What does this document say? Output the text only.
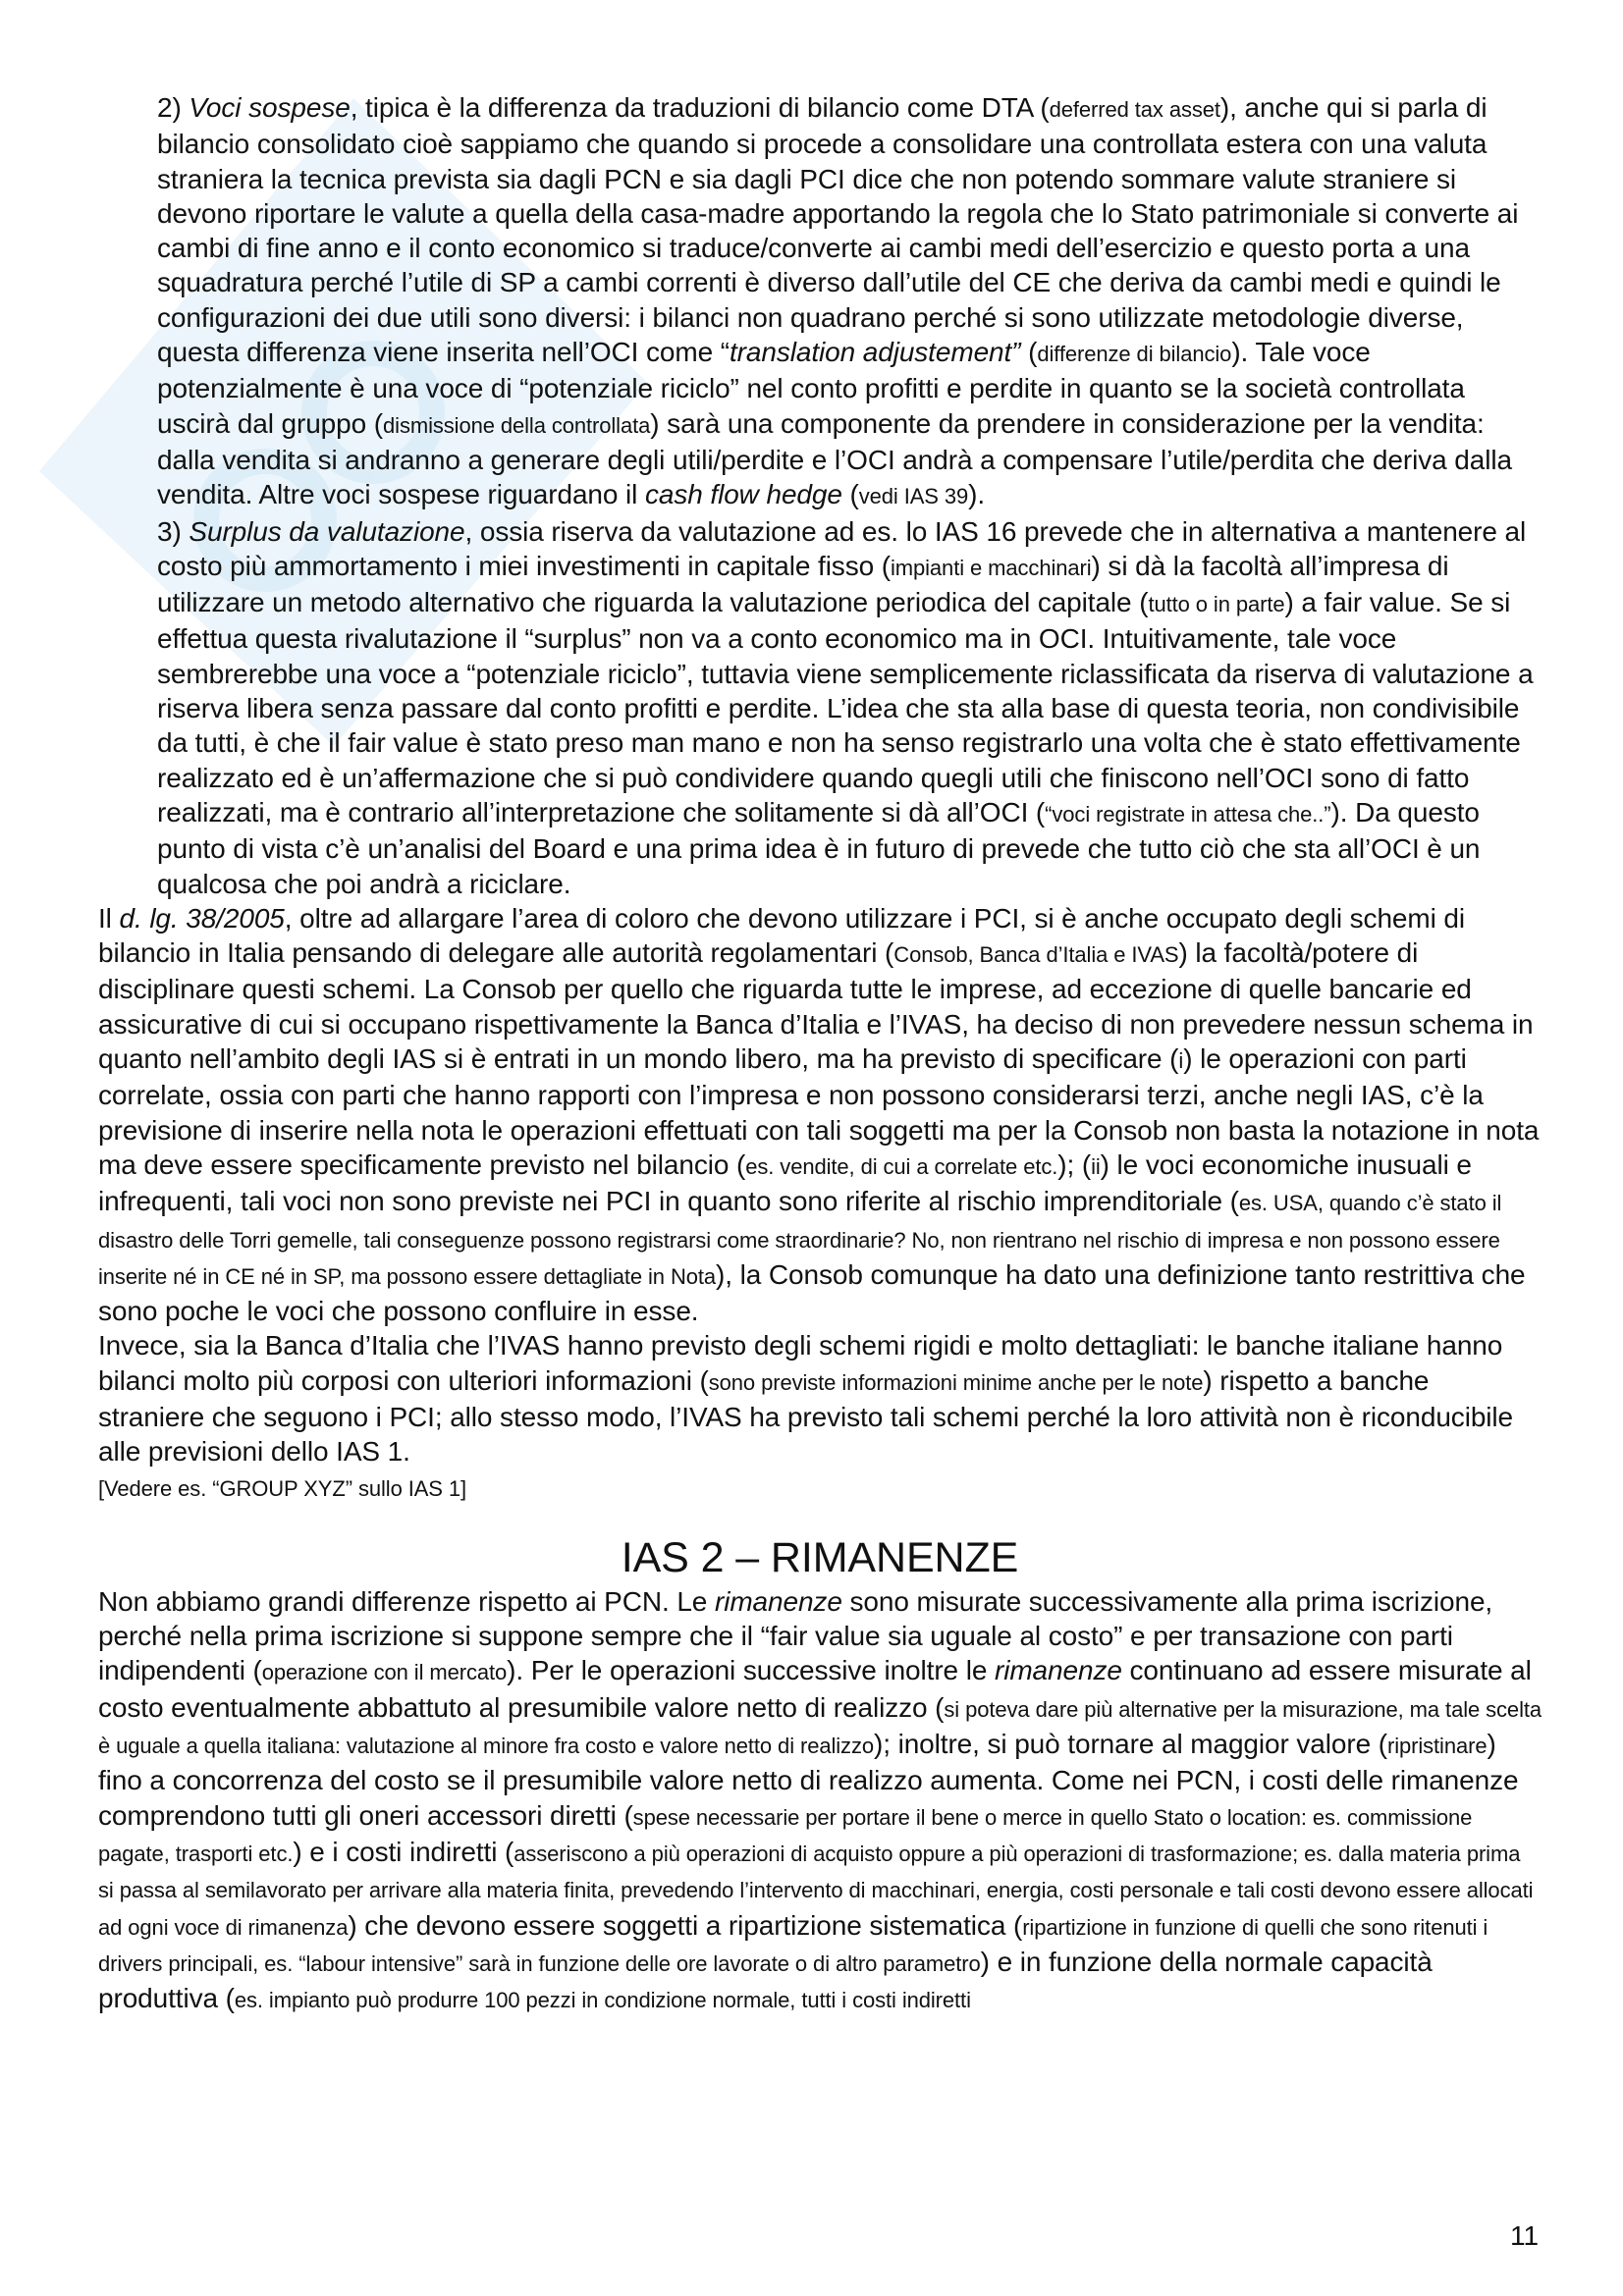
2) Voci sospese, tipica è la differenza da traduzioni di bilancio come DTA (deferred tax asset), anche qui si parla di bilancio consolidato cioè sappiamo che quando si procede a consolidare una controllata estera con una valuta straniera la tecnica prevista sia dagli PCN e sia dagli PCI dice che non potendo sommare valute straniere si devono riportare le valute a quella della casa-madre apportando la regola che lo Stato patrimoniale si converte ai cambi di fine anno e il conto economico si traduce/converte ai cambi medi dell’esercizio e questo porta a una squadratura perché l’utile di SP a cambi correnti è diverso dall’utile del CE che deriva da cambi medi e quindi le configurazioni dei due utili sono diversi: i bilanci non quadrano perché si sono utilizzate metodologie diverse, questa differenza viene inserita nell’OCI come “translation adjustement” (differenze di bilancio). Tale voce potenzialmente è una voce di “potenziale riciclo” nel conto profitti e perdite in quanto se la società controllata uscirà dal gruppo (dismissione della controllata) sarà una componente da prendere in considerazione per la vendita: dalla vendita si andranno a generare degli utili/perdite e l’OCI andrà a compensare l’utile/perdita che deriva dalla vendita. Altre voci sospese riguardano il cash flow hedge (vedi IAS 39).

3) Surplus da valutazione, ossia riserva da valutazione ad es. lo IAS 16 prevede che in alternativa a mantenere al costo più ammortamento i miei investimenti in capitale fisso (impianti e macchinari) si dà la facoltà all’impresa di utilizzare un metodo alternativo che riguarda la valutazione periodica del capitale (tutto o in parte) a fair value. Se si effettua questa rivalutazione il “surplus” non va a conto economico ma in OCI. Intuitivamente, tale voce sembrerebbe una voce a “potenziale riciclo”, tuttavia viene semplicemente riclassificata da riserva di valutazione a riserva libera senza passare dal conto profitti e perdite. L’idea che sta alla base di questa teoria, non condivisibile da tutti, è che il fair value è stato preso man mano e non ha senso registrarlo una volta che è stato effettivamente realizzato ed è un’affermazione che si può condividere quando quegli utili che finiscono nell’OCI sono di fatto realizzati, ma è contrario all’interpretazione che solitamente si dà all’OCI (“voci registrate in attesa che..”). Da questo punto di vista c’è un’analisi del Board e una prima idea è in futuro di prevede che tutto ciò che sta all’OCI è un qualcosa che poi andrà a riciclare.

Il d. lg. 38/2005, oltre ad allargare l’area di coloro che devono utilizzare i PCI, si è anche occupato degli schemi di bilancio in Italia pensando di delegare alle autorità regolamentari (Consob, Banca d’Italia e IVAS) la facoltà/potere di disciplinare questi schemi. La Consob per quello che riguarda tutte le imprese, ad eccezione di quelle bancarie ed assicurative di cui si occupano rispettivamente la Banca d’Italia e l’IVAS, ha deciso di non prevedere nessun schema in quanto nell’ambito degli IAS si è entrati in un mondo libero, ma ha previsto di specificare (i) le operazioni con parti correlate, ossia con parti che hanno rapporti con l’impresa e non possono considerarsi terzi, anche negli IAS, c’è la previsione di inserire nella nota le operazioni effettuati con tali soggetti ma per la Consob non basta la notazione in nota ma deve essere specificamente previsto nel bilancio (es. vendite, di cui a correlate etc.); (ii) le voci economiche inusuali e infrequenti, tali voci non sono previste nei PCI in quanto sono riferite al rischio imprenditoriale (es. USA, quando c’è stato il disastro delle Torri gemelle, tali conseguenze possono registrarsi come straordinarie? No, non rientrano nel rischio di impresa e non possono essere inserite né in CE né in SP, ma possono essere dettagliate in Nota), la Consob comunque ha dato una definizione tanto restrittiva che sono poche le voci che possono confluire in esse.

Invece, sia la Banca d’Italia che l’IVAS hanno previsto degli schemi rigidi e molto dettagliati: le banche italiane hanno bilanci molto più corposi con ulteriori informazioni (sono previste informazioni minime anche per le note) rispetto a banche straniere che seguono i PCI; allo stesso modo, l’IVAS ha previsto tali schemi perché la loro attività non è riconducibile alle previsioni dello IAS 1.

[Vedere es. “GROUP XYZ” sullo IAS 1]

IAS 2 – RIMANENZE

Non abbiamo grandi differenze rispetto ai PCN. Le rimanenze sono misurate successivamente alla prima iscrizione, perché nella prima iscrizione si suppone sempre che il “fair value sia uguale al costo” e per transazione con parti indipendenti (operazione con il mercato). Per le operazioni successive inoltre le rimanenze continuano ad essere misurate al costo eventualmente abbattuto al presumibile valore netto di realizzo (si poteva dare più alternative per la misurazione, ma tale scelta è uguale a quella italiana: valutazione al minore fra costo e valore netto di realizzo); inoltre, si può tornare al maggior valore (ripristinare) fino a concorrenza del costo se il presumibile valore netto di realizzo aumenta. Come nei PCN, i costi delle rimanenze comprendono tutti gli oneri accessori diretti (spese necessarie per portare il bene o merce in quello Stato o location: es. commissione pagate, trasporti etc.) e i costi indiretti (asseriscono a più operazioni di acquisto oppure a più operazioni di trasformazione; es. dalla materia prima si passa al semilavorato per arrivare alla materia finita, prevedendo l’intervento di macchinari, energia, costi personale e tali costi devono essere allocati ad ogni voce di rimanenza) che devono essere soggetti a ripartizione sistematica (ripartizione in funzione di quelli che sono ritenuti i drivers principali, es. “labour intensive” sarà in funzione delle ore lavorate o di altro parametro) e in funzione della normale capacità produttiva (es. impianto può produrre 100 pezzi in condizione normale, tutti i costi indiretti

11
